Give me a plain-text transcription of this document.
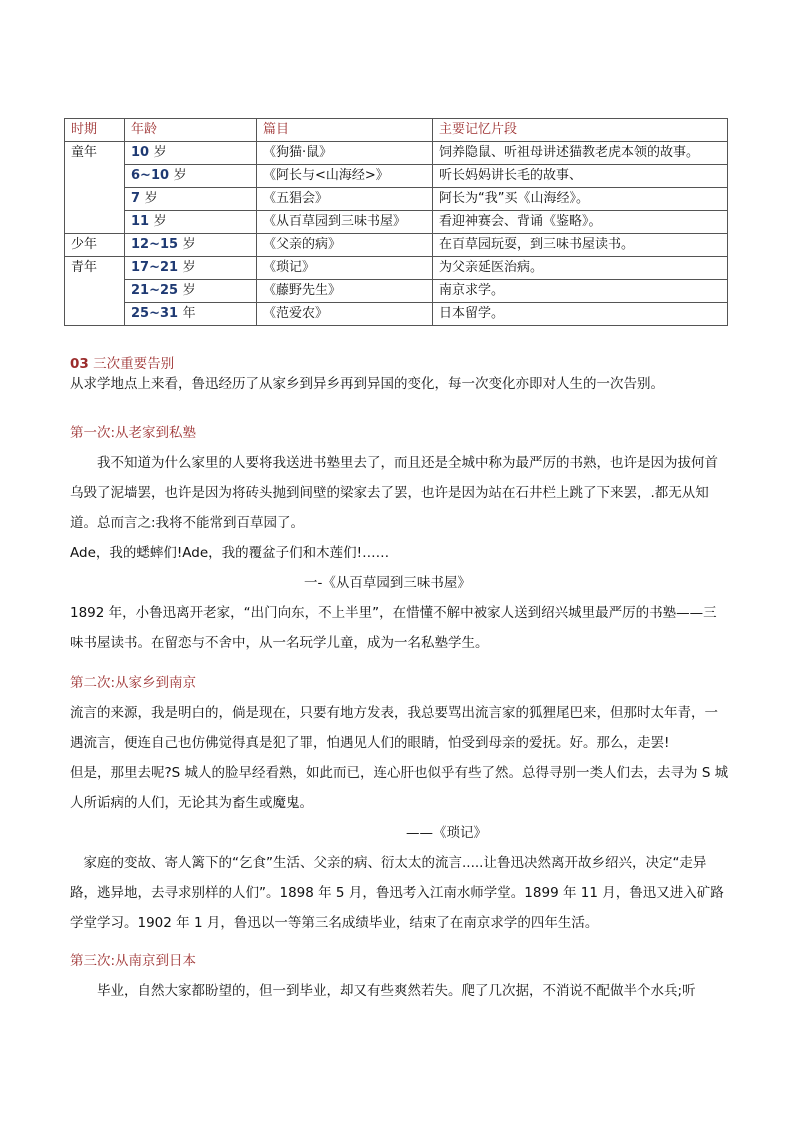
时期	年龄	篇目	主要记忆片段
童年	10 岁	《狗猫·鼠》	饲养隐鼠、听祖母讲述猫教老虎本领的故事。
	6~10 岁	《阿长与<山海经>》	听长妈妈讲长毛的故事、
	7 岁	《五猖会》	阿长为“我”买《山海经》。
	11 岁	《从百草园到三味书屋》	看迎神赛会、背诵《鉴略》。
少年	12~15 岁	《父亲的病》	在百草园玩耍，到三味书屋读书。
青年	17~21 岁	《琐记》	为父亲延医治病。
	21~25 岁	《藤野先生》	南京求学。
	25~31 年	《范爱农》	日本留学。
03 三次重要告别
从求学地点上来看，鲁迅经历了从家乡到异乡再到异国的变化，每一次变化亦即对人生的一次告别。

第一次:从老家到私塾

我不知道为什么家里的人要将我送进书塾里去了，而且还是全城中称为最严厉的书熟，也许是因为拔何首乌毁了泥墙罢，也许是因为将砖头抛到间壁的梁家去了罢，也许是因为站在石井栏上跳了下来罢，.都无从知道。总而言之:我将不能常到百草园了。

Ade，我的蟋蟀们!Ade，我的覆盆子们和木莲们!……

一-《从百草园到三味书屋》

1892 年，小鲁迅离开老家，“出门向东，不上半里”，在惜懂不解中被家人送到绍兴城里最严厉的书塾——三味书屋读书。在留恋与不舍中，从一名玩学儿童，成为一名私塾学生。

第二次:从家乡到南京

流言的来源，我是明白的，倘是现在，只要有地方发表，我总要骂出流言家的狐狸尾巴来，但那时太年青，一遇流言，便连自己也仿佛觉得真是犯了罪，怕遇见人们的眼睛，怕受到母亲的爱抚。好。那么，走罢!

但是，那里去呢?S 城人的脸早经看熟，如此而已，连心肝也似乎有些了然。总得寻别一类人们去，去寻为 S 城人所诟病的人们，无论其为畜生或魔鬼。

——《琐记》

家庭的变故、寄人篱下的“乞食”生活、父亲的病、衍太太的流言.....让鲁迅决然离开故乡绍兴，决定“走异路，逃异地，去寻求别样的人们”。1898 年 5 月，鲁迅考入江南水师学堂。1899 年 11 月，鲁迅又进入矿路学堂学习。1902 年 1 月，鲁迅以一等第三名成绩毕业，结束了在南京求学的四年生活。

第三次:从南京到日本

毕业，自然大家都盼望的，但一到毕业，却又有些爽然若失。爬了几次据，不消说不配做半个水兵;听
